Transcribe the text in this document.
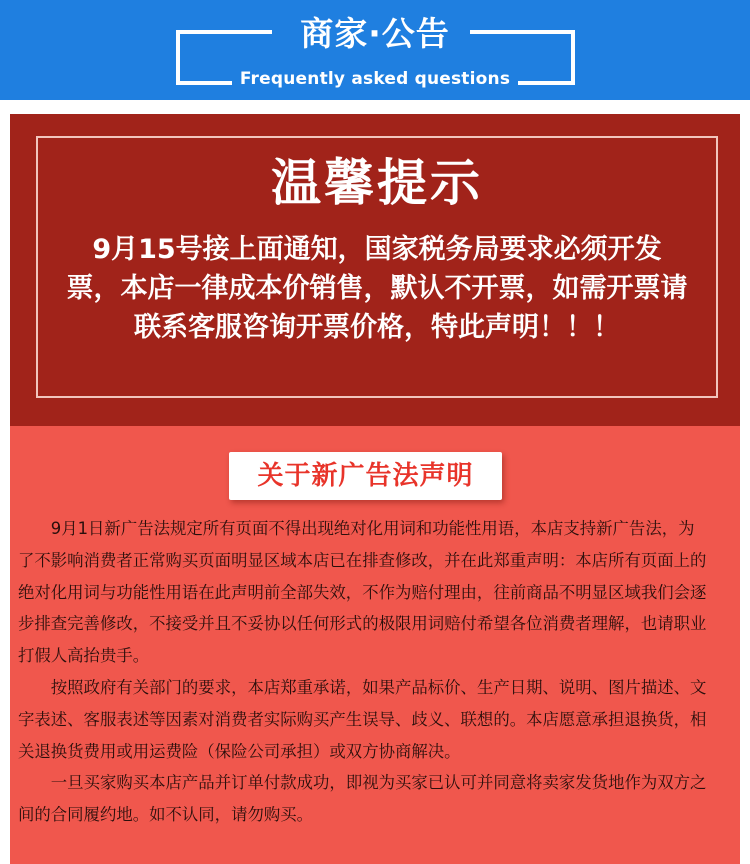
商家·公告
Frequently asked questions
温馨提示
9月15号接上面通知，国家税务局要求必须开发票，本店一律成本价销售，默认不开票，如需开票请联系客服咨询开票价格，特此声明！！！
关于新广告法声明

9月1日新广告法规定所有页面不得出现绝对化用词和功能性用语，本店支持新广告法，为了不影响消费者正常购买页面明显区域本店已在排查修改，并在此郑重声明：本店所有页面上的绝对化用词与功能性用语在此声明前全部失效，不作为赔付理由，往前商品不明显区域我们会逐步排查完善修改，不接受并且不妥协以任何形式的极限用词赔付希望各位消费者理解，也请职业打假人高抬贵手。

按照政府有关部门的要求，本店郑重承诺，如果产品标价、生产日期、说明、图片描述、文字表述、客服表述等因素对消费者实际购买产生误导、歧义、联想的。本店愿意承担退换货，相关退换货费用或用运费险（保险公司承担）或双方协商解决。

一旦买家购买本店产品并订单付款成功，即视为买家已认可并同意将卖家发货地作为双方之间的合同履约地。如不认同，请勿购买。
